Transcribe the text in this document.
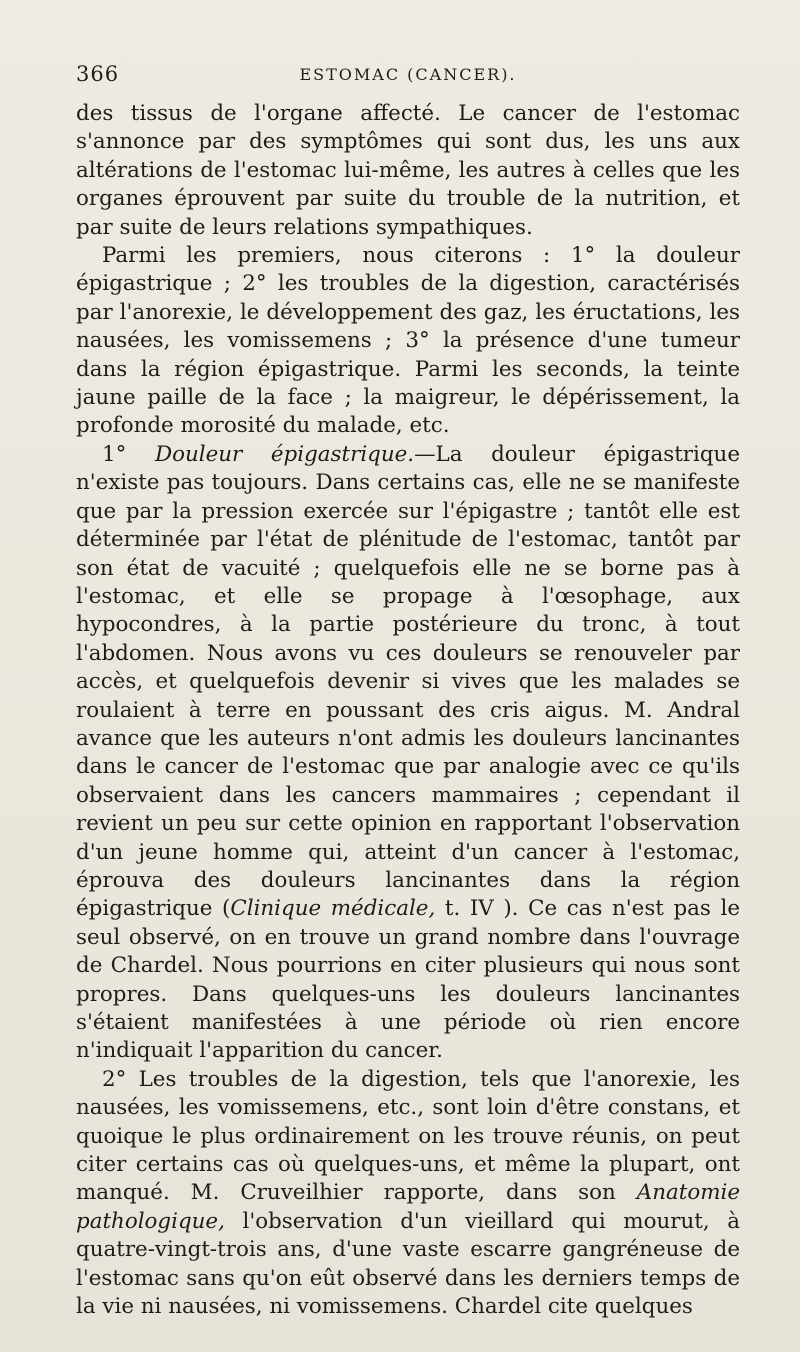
366	ESTOMAC (CANCER).

des tissus de l'organe affecté. Le cancer de l'estomac s'annonce par des symptômes qui sont dus, les uns aux altérations de l'estomac lui-même, les autres à celles que les organes éprouvent par suite du trouble de la nutrition, et par suite de leurs relations sympathiques.

Parmi les premiers, nous citerons : 1° la douleur épigastrique ; 2° les troubles de la digestion, caractérisés par l'anorexie, le développement des gaz, les éructations, les nausées, les vomissemens ; 3° la présence d'une tumeur dans la région épigastrique. Parmi les seconds, la teinte jaune paille de la face ; la maigreur, le dépérissement, la profonde morosité du malade, etc.

1° Douleur épigastrique.—La douleur épigastrique n'existe pas toujours. Dans certains cas, elle ne se manifeste que par la pression exercée sur l'épigastre ; tantôt elle est déterminée par l'état de plénitude de l'estomac, tantôt par son état de vacuité ; quelquefois elle ne se borne pas à l'estomac, et elle se propage à l'œsophage, aux hypocondres, à la partie postérieure du tronc, à tout l'abdomen. Nous avons vu ces douleurs se renouveler par accès, et quelquefois devenir si vives que les malades se roulaient à terre en poussant des cris aigus. M. Andral avance que les auteurs n'ont admis les douleurs lancinantes dans le cancer de l'estomac que par analogie avec ce qu'ils observaient dans les cancers mammaires ; cependant il revient un peu sur cette opinion en rapportant l'observation d'un jeune homme qui, atteint d'un cancer à l'estomac, éprouva des douleurs lancinantes dans la région épigastrique (Clinique médicale, t. IV ). Ce cas n'est pas le seul observé, on en trouve un grand nombre dans l'ouvrage de Chardel. Nous pourrions en citer plusieurs qui nous sont propres. Dans quelques-uns les douleurs lancinantes s'étaient manifestées à une période où rien encore n'indiquait l'apparition du cancer.

2° Les troubles de la digestion, tels que l'anorexie, les nausées, les vomissemens, etc., sont loin d'être constans, et quoique le plus ordinairement on les trouve réunis, on peut citer certains cas où quelques-uns, et même la plupart, ont manqué. M. Cruveilhier rapporte, dans son Anatomie pathologique, l'observation d'un vieillard qui mourut, à quatre-vingt-trois ans, d'une vaste escarre gangréneuse de l'estomac sans qu'on eût observé dans les derniers temps de la vie ni nausées, ni vomissemens. Chardel cite quelques
